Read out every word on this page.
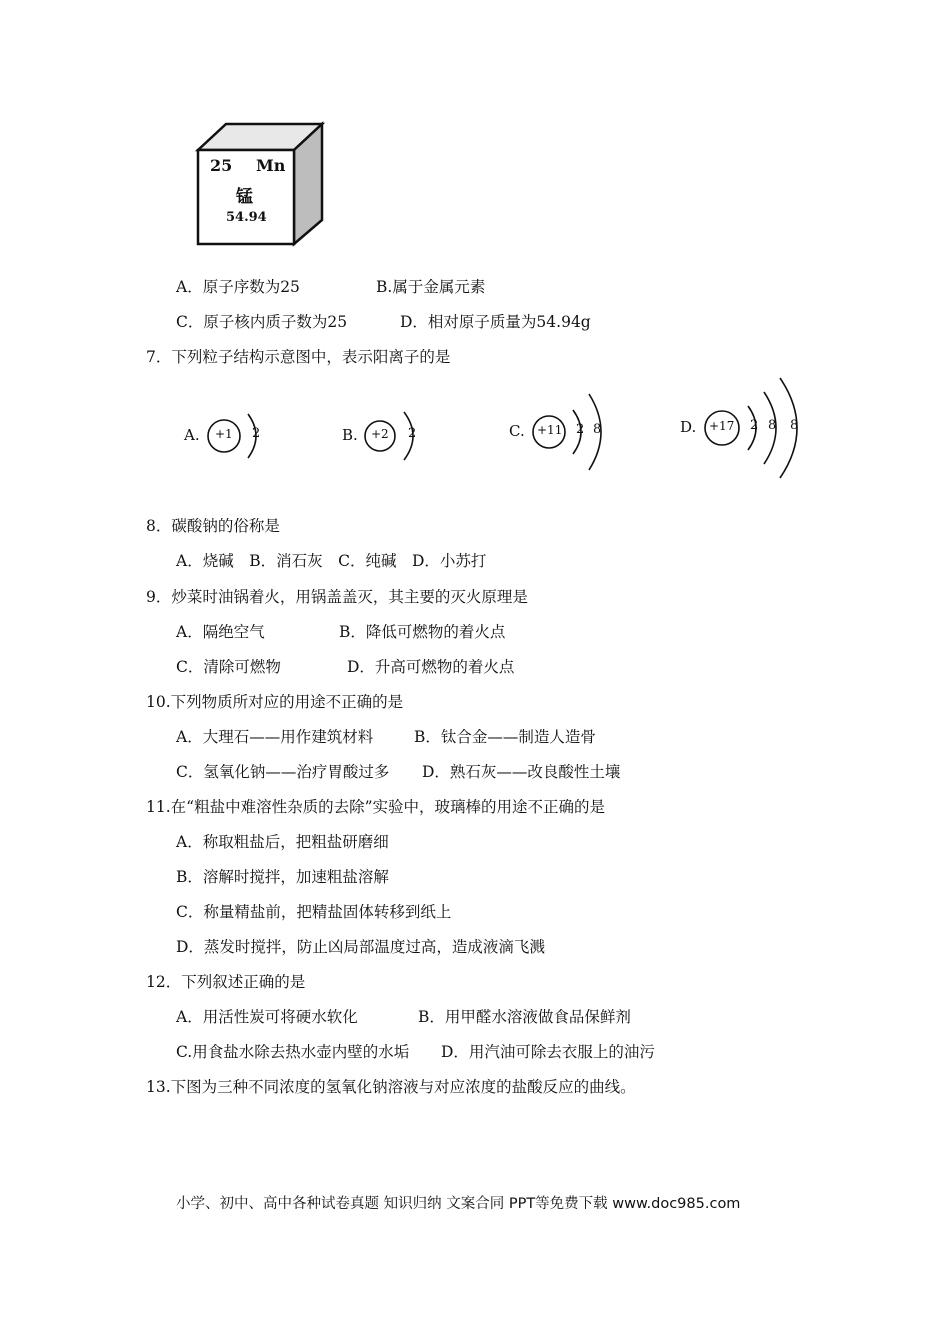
25 Mn
锰
54.94
A．原子序数为25	B.属于金属元素
C．原子核内质子数为25	D．相对原子质量为54.94g
7．下列粒子结构示意图中，表示阳离子的是
A. +1 2	B. +2 2	C. +11 2 8	D. +17 2 8 8
8．碳酸钠的俗称是
A．烧碱　B．消石灰　C．纯碱　D．小苏打
9．炒菜时油锅着火，用锅盖盖灭，其主要的灭火原理是
A．隔绝空气	B．降低可燃物的着火点
C．清除可燃物	D．升高可燃物的着火点
10.下列物质所对应的用途不正确的是
A．大理石——用作建筑材料	B．钛合金——制造人造骨
C．氢氧化钠——治疗胃酸过多 D．熟石灰——改良酸性土壤
11.在“粗盐中难溶性杂质的去除”实验中，玻璃棒的用途不正确的是
A．称取粗盐后，把粗盐研磨细
B．溶解时搅拌，加速粗盐溶解
C．称量精盐前，把精盐固体转移到纸上
D．蒸发时搅拌，防止凶局部温度过高，造成液滴飞溅
12．下列叙述正确的是
A．用活性炭可将硬水软化	B．用甲醛水溶液做食品保鲜剂
C.用食盐水除去热水壶内壁的水垢 D．用汽油可除去衣服上的油污
13.下图为三种不同浓度的氢氧化钠溶液与对应浓度的盐酸反应的曲线。
小学、初中、高中各种试卷真题 知识归纳 文案合同 PPT等免费下载 www.doc985.com
